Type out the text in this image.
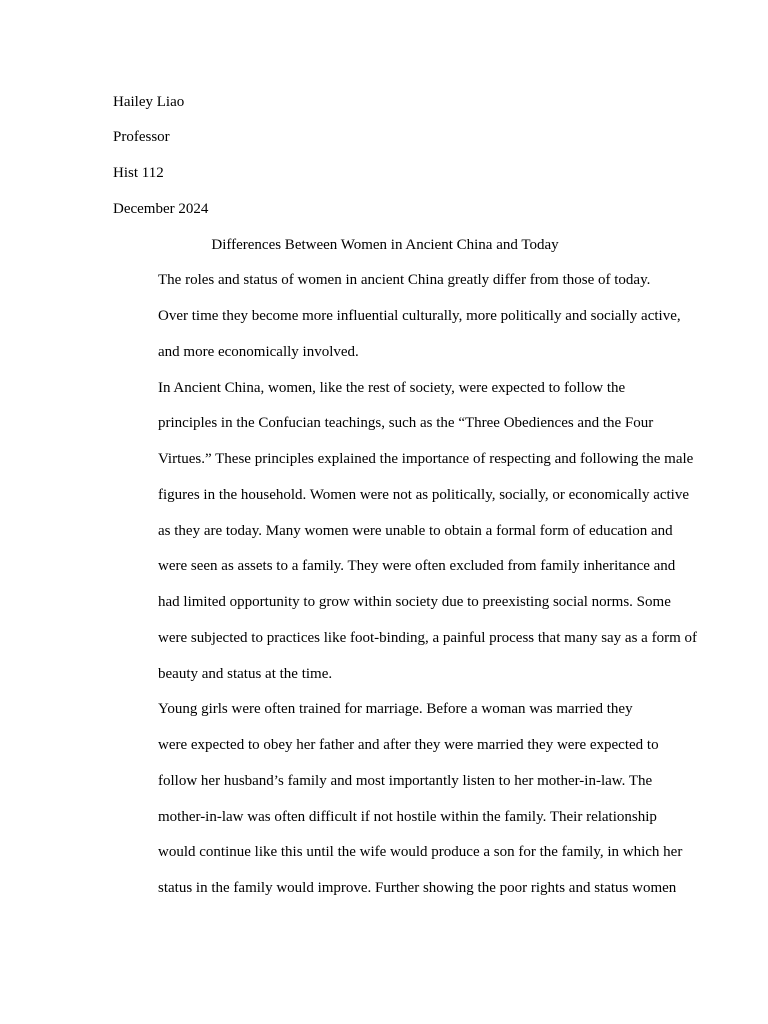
Hailey Liao

Professor

Hist 112

December 2024

Differences Between Women in Ancient China and Today

The roles and status of women in ancient China greatly differ from those of today.
Over time they become more influential culturally, more politically and socially active,
and more economically involved.

In Ancient China, women, like the rest of society, were expected to follow the
principles in the Confucian teachings, such as the “Three Obediences and the Four
Virtues.” These principles explained the importance of respecting and following the male
figures in the household. Women were not as politically, socially, or economically active
as they are today. Many women were unable to obtain a formal form of education and
were seen as assets to a family. They were often excluded from family inheritance and
had limited opportunity to grow within society due to preexisting social norms. Some
were subjected to practices like foot-binding, a painful process that many say as a form of
beauty and status at the time.

Young girls were often trained for marriage. Before a woman was married they
were expected to obey her father and after they were married they were expected to
follow her husband’s family and most importantly listen to her mother-in-law. The
mother-in-law was often difficult if not hostile within the family. Their relationship
would continue like this until the wife would produce a son for the family, in which her
status in the family would improve. Further showing the poor rights and status women
